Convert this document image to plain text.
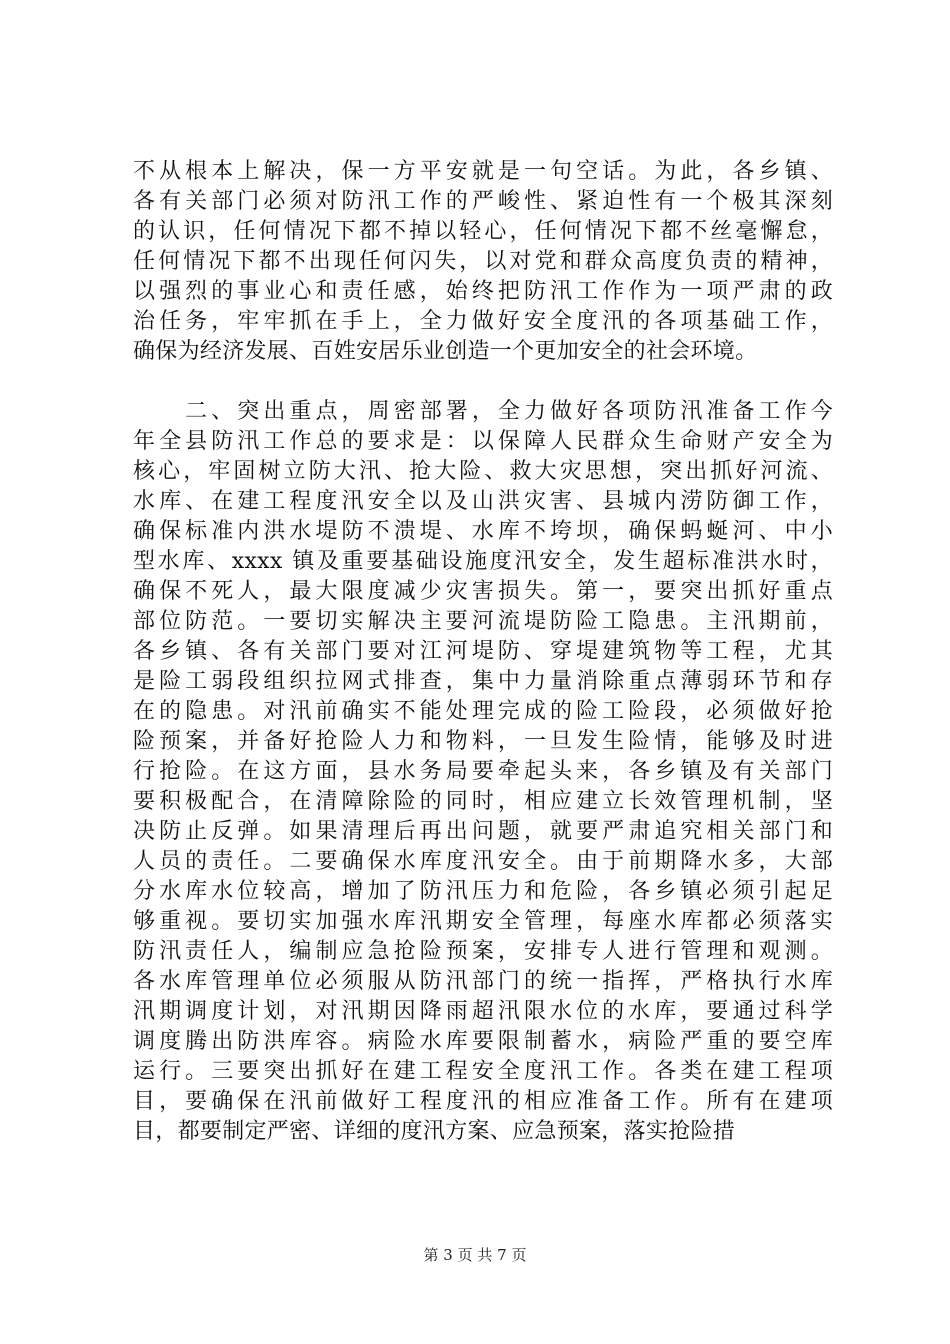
不从根本上解决，保一方平安就是一句空话。为此，各乡镇、
各有关部门必须对防汛工作的严峻性、紧迫性有一个极其深刻
的认识，任何情况下都不掉以轻心，任何情况下都不丝毫懈怠，
任何情况下都不出现任何闪失，以对党和群众高度负责的精神，
以强烈的事业心和责任感，始终把防汛工作作为一项严肃的政
治任务，牢牢抓在手上，全力做好安全度汛的各项基础工作，
确保为经济发展、百姓安居乐业创造一个更加安全的社会环境。
　　二、突出重点，周密部署，全力做好各项防汛准备工作今
年全县防汛工作总的要求是：以保障人民群众生命财产安全为
核心，牢固树立防大汛、抢大险、救大灾思想，突出抓好河流、
水库、在建工程度汛安全以及山洪灾害、县城内涝防御工作，
确保标准内洪水堤防不溃堤、水库不垮坝，确保蚂蜒河、中小
型水库、xxxx 镇及重要基础设施度汛安全，发生超标准洪水时，
确保不死人，最大限度减少灾害损失。第一，要突出抓好重点
部位防范。一要切实解决主要河流堤防险工隐患。主汛期前，
各乡镇、各有关部门要对江河堤防、穿堤建筑物等工程，尤其
是险工弱段组织拉网式排查，集中力量消除重点薄弱环节和存
在的隐患。对汛前确实不能处理完成的险工险段，必须做好抢
险预案，并备好抢险人力和物料，一旦发生险情，能够及时进
行抢险。在这方面，县水务局要牵起头来，各乡镇及有关部门
要积极配合，在清障除险的同时，相应建立长效管理机制，坚
决防止反弹。如果清理后再出问题，就要严肃追究相关部门和
人员的责任。二要确保水库度汛安全。由于前期降水多，大部
分水库水位较高，增加了防汛压力和危险，各乡镇必须引起足
够重视。要切实加强水库汛期安全管理，每座水库都必须落实
防汛责任人，编制应急抢险预案，安排专人进行管理和观测。
各水库管理单位必须服从防汛部门的统一指挥，严格执行水库
汛期调度计划，对汛期因降雨超汛限水位的水库，要通过科学
调度腾出防洪库容。病险水库要限制蓄水，病险严重的要空库
运行。三要突出抓好在建工程安全度汛工作。各类在建工程项
目，要确保在汛前做好工程度汛的相应准备工作。所有在建项
目，都要制定严密、详细的度汛方案、应急预案，落实抢险措
第 3 页 共 7 页
